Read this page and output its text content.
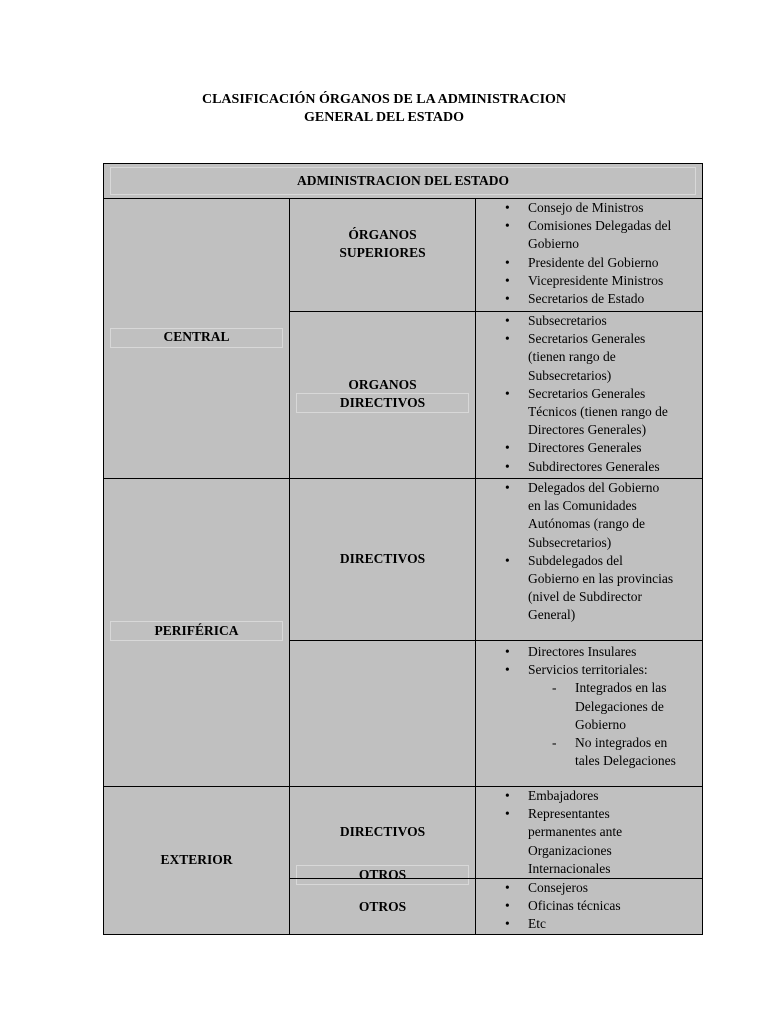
CLASIFICACIÓN ÓRGANOS DE LA ADMINISTRACION
GENERAL DEL ESTADO
ADMINISTRACION DEL ESTADO
CENTRAL
PERIFÉRICA
EXTERIOR
ÓRGANOS
SUPERIORES
• Consejo de Ministros
• Comisiones Delegadas del
Gobierno
• Presidente del Gobierno
• Vicepresidente Ministros
• Secretarios de Estado
ORGANOS
DIRECTIVOS
• Subsecretarios
• Secretarios Generales
(tienen rango de
Subsecretarios)
• Secretarios Generales
Técnicos (tienen rango de
Directores Generales)
• Directores Generales
• Subdirectores Generales
DIRECTIVOS
• Delegados del Gobierno
en las Comunidades
Autónomas (rango de
Subsecretarios)
• Subdelegados del
Gobierno en las provincias
(nivel de Subdirector
General)
OTROS
• Directores Insulares
• Servicios territoriales:
- Integrados en las
Delegaciones de
Gobierno
- No integrados en
tales Delegaciones
DIRECTIVOS
• Embajadores
• Representantes
permanentes ante
Organizaciones
Internacionales
OTROS
• Consejeros
• Oficinas técnicas
• Etc
